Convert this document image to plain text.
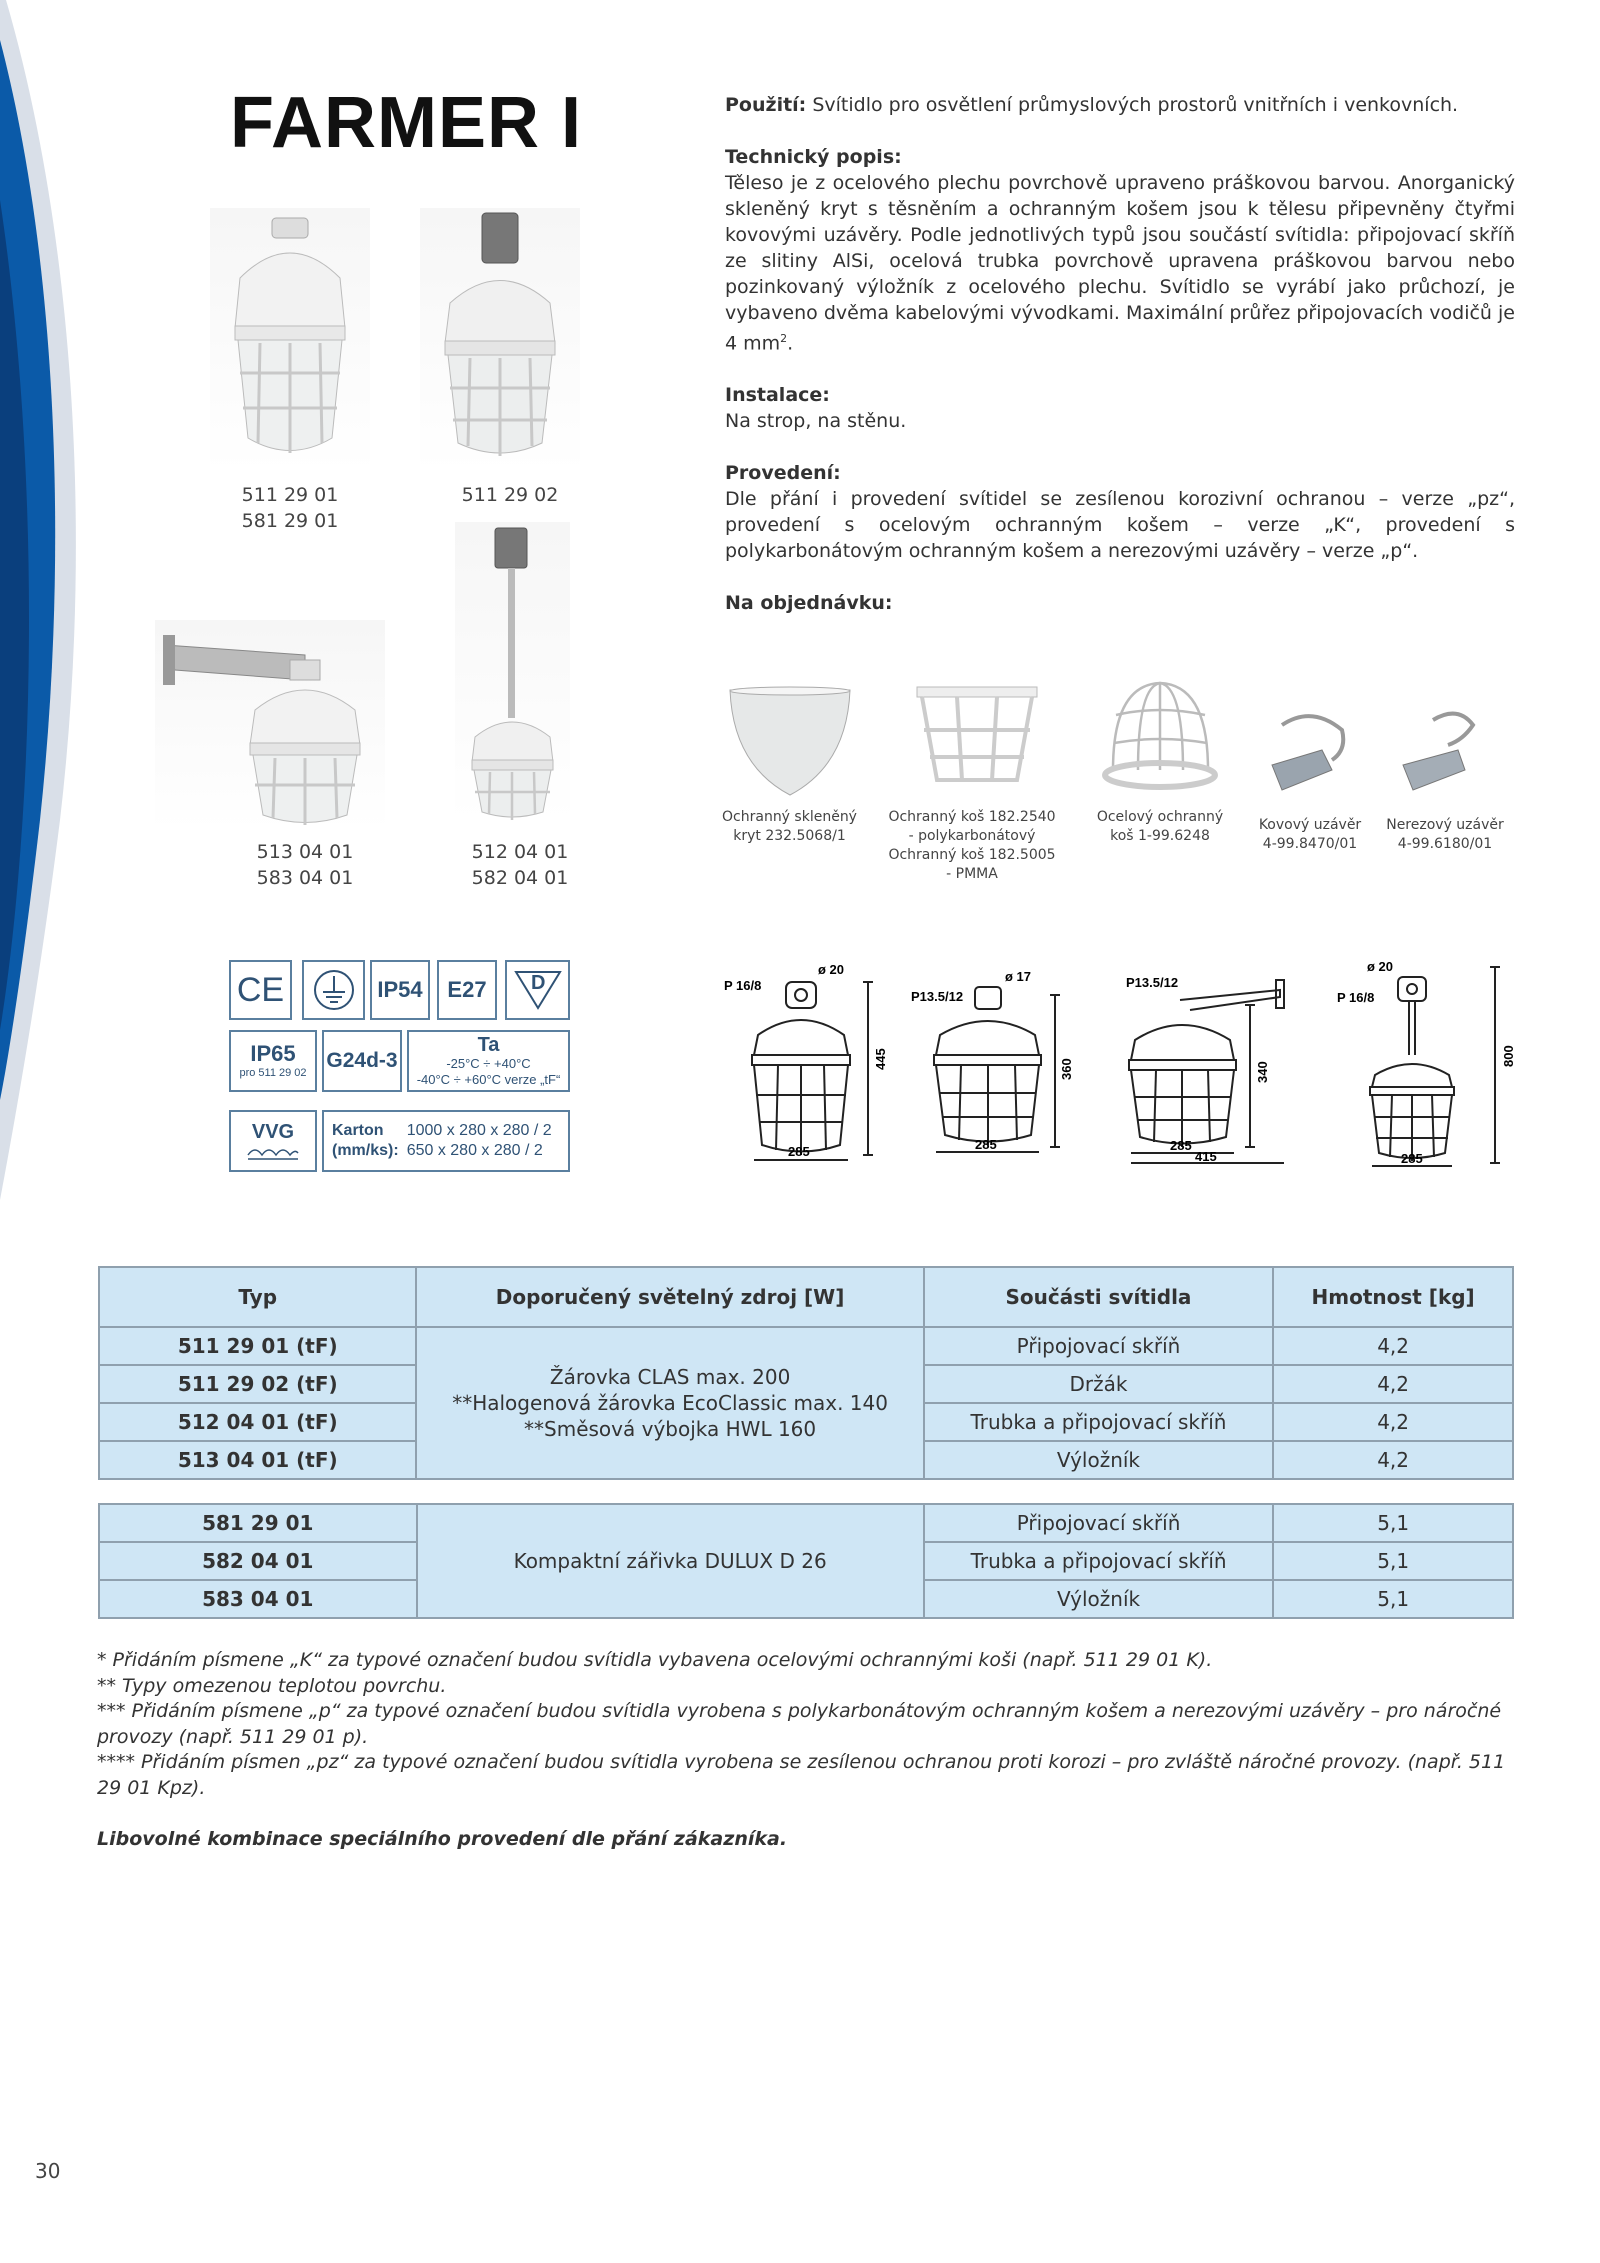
FARMER I	Použití: Svítidlo pro osvětlení průmyslových prostorů vnitřních i venkovních.
Technický popis:
Těleso je z ocelového plechu povrchově upraveno práškovou barvou. Anorganický skleněný kryt s těsněním a ochranným košem jsou k tělesu připevněny čtyřmi kovovými uzávěry. Podle jednotlivých typů jsou součástí svítidla: připojovací skříň ze slitiny AlSi, ocelová trubka povrchově upravena práškovou barvou nebo pozinkovaný výložník z ocelového plechu. Svítidlo se vyrábí jako průchozí, je vybaveno dvěma kabelovými vývodkami. Maximální průřez připojovacích vodičů je 4 $mm^2$.
Instalace:
Na strop, na stěnu.
Provedení:
Dle přání i provedení svítidel se zesílenou korozivní ochranou – verze „pz“, provedení s ocelovým ochranným košem – verze „K“, provedení s polykarbonátovým ochranným košem a nerezovými uzávěry – verze „p“.
Na objednávku:
511 29 01
581 29 01
511 29 02
513 04 01
583 04 01
512 04 01
582 04 01
Ochranný skleněný
kryt 232.5068/1
Ochranný koš 182.2540
- polykarbonátový
Ochranný koš 182.5005
- PMMA
Ocelový ochranný
koš 1-99.6248
Kovový uzávěr
4-99.8470/01
Nerezový uzávěr
4-99.6180/01
CE	IP54	E27	D
IP65
pro 511 29 02
G24d-3
Ta
-25°C ÷ +40°C
-40°C ÷ +60°C verze „tF“
VVG Karton
(mm/ks):
1000 x 280 x 280 / 2
650 x 280 x 280 / 2
P 16/8
ø 20
445
285
P13.5/12
ø 17
360
285
P13.5/12
340
285
415
P 16/8
ø 20
800
285
Typ	Doporučený světelný zdroj [W]	Součásti svítidla	Hmotnost [kg]
511 29 01 (tF)	Žárovka CLAS max. 200
**Halogenová žárovka EcoClassic max. 140
**Směsová výbojka HWL 160	Připojovací skříň	4,2
511 29 02 (tF)		Držák	4,2
512 04 01 (tF)		Trubka a připojovací skříň	4,2
513 04 01 (tF)		Výložník	4,2
581 29 01	Kompaktní zářivka DULUX D 26	Připojovací skříň	5,1
582 04 01		Trubka a připojovací skříň	5,1
583 04 01		Výložník	5,1
* Přidáním písmene „K“ za typové označení budou svítidla vybavena ocelovými ochrannými koši (např. 511 29 01 K).
** Typy omezenou teplotou povrchu.
*** Přidáním písmene „p“ za typové označení budou svítidla vyrobena s polykarbonátovým ochranným košem a nerezovými uzávěry – pro náročné provozy (např. 511 29 01 p).
**** Přidáním písmen „pz“ za typové označení budou svítidla vyrobena se zesílenou ochranou proti korozi – pro zvláště náročné provozy. (např. 511 29 01 Kpz).
Libovolné kombinace speciálního provedení dle přání zákazníka.
30
